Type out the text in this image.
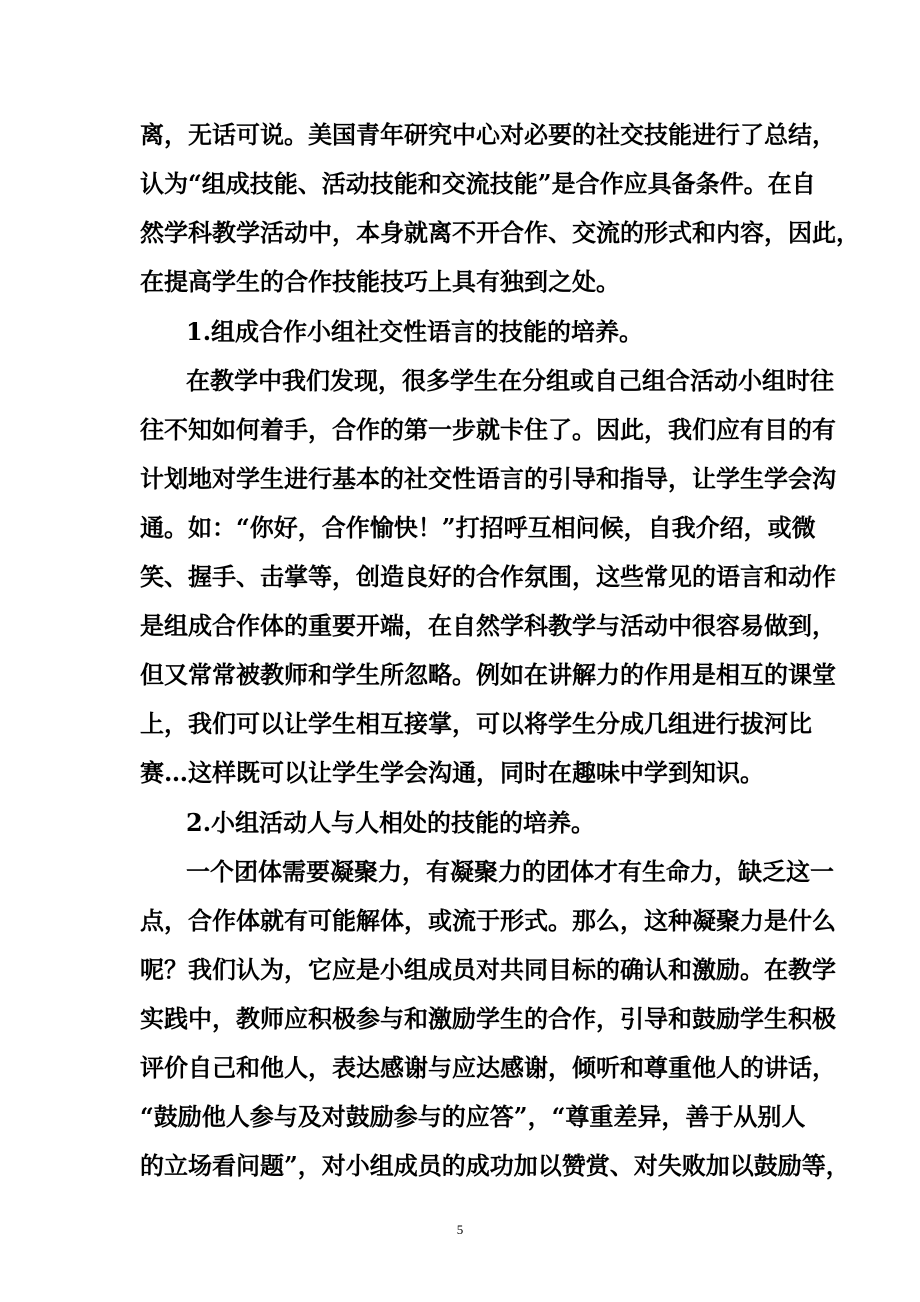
离，无话可说。美国青年研究中心对必要的社交技能进行了总结，
认为“组成技能、活动技能和交流技能”是合作应具备条件。在自
然学科教学活动中，本身就离不开合作、交流的形式和内容，因此，
在提高学生的合作技能技巧上具有独到之处。
1.组成合作小组社交性语言的技能的培养。
在教学中我们发现，很多学生在分组或自己组合活动小组时往
往不知如何着手，合作的第一步就卡住了。因此，我们应有目的有
计划地对学生进行基本的社交性语言的引导和指导，让学生学会沟
通。如：“你好，合作愉快！”打招呼互相问候，自我介绍，或微
笑、握手、击掌等，创造良好的合作氛围，这些常见的语言和动作
是组成合作体的重要开端，在自然学科教学与活动中很容易做到，
但又常常被教师和学生所忽略。例如在讲解力的作用是相互的课堂
上，我们可以让学生相互接掌，可以将学生分成几组进行拔河比
赛…这样既可以让学生学会沟通，同时在趣味中学到知识。
2.小组活动人与人相处的技能的培养。
一个团体需要凝聚力，有凝聚力的团体才有生命力，缺乏这一
点，合作体就有可能解体，或流于形式。那么，这种凝聚力是什么
呢？我们认为，它应是小组成员对共同目标的确认和激励。在教学
实践中，教师应积极参与和激励学生的合作，引导和鼓励学生积极
评价自己和他人，表达感谢与应达感谢，倾听和尊重他人的讲话，
“鼓励他人参与及对鼓励参与的应答”，“尊重差异，善于从别人
的立场看问题”，对小组成员的成功加以赞赏、对失败加以鼓励等，
5
